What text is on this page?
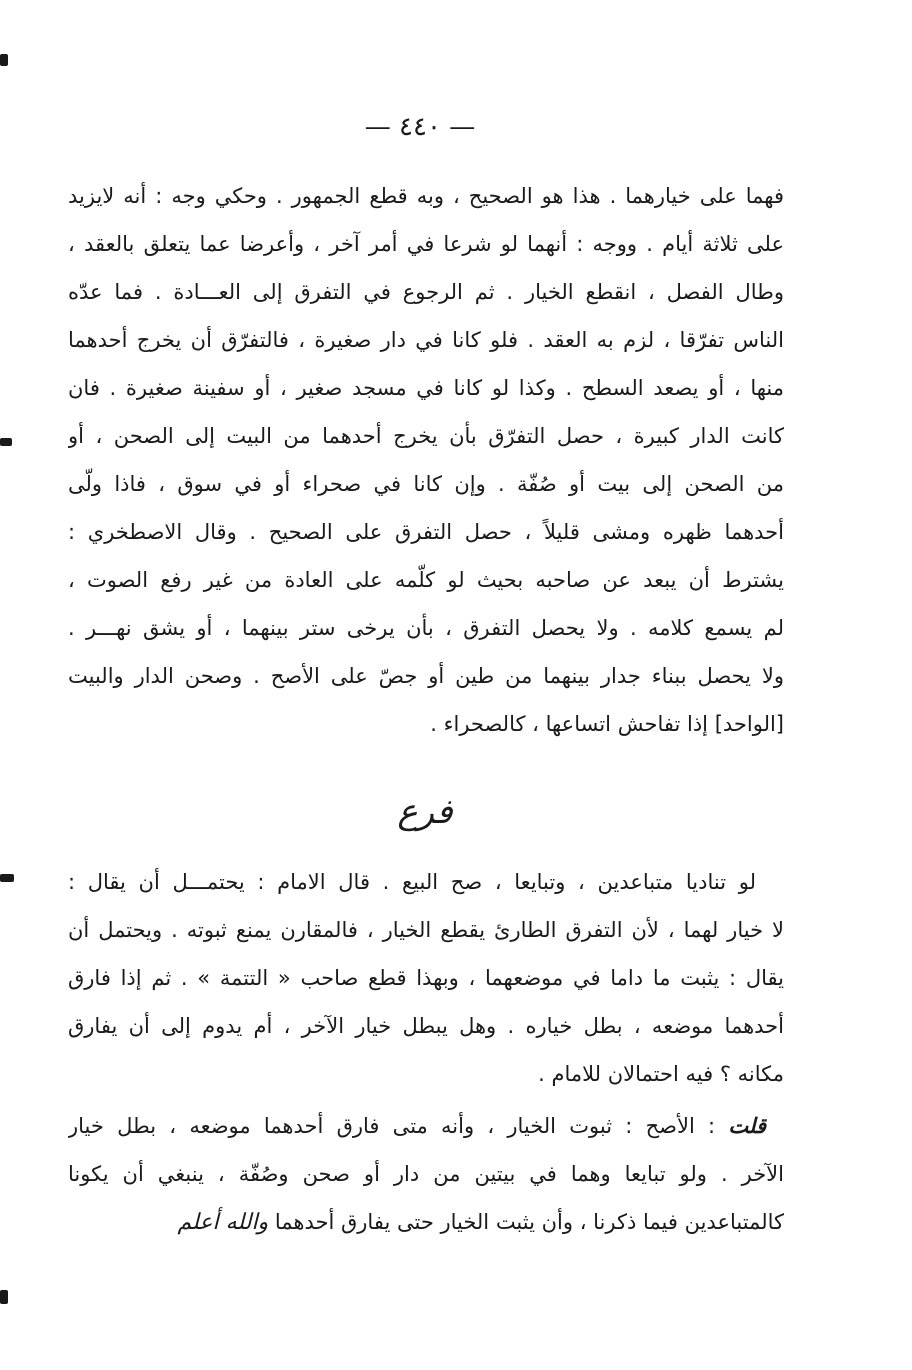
— ٤٤٠ —
فهما على خيارهما . هذا هو الصحيح ، وبه قطع الجمهور . وحكي وجه : أنه لايزيد
على ثلاثة أيام . ووجه : أنهما لو شرعا في أمر آخر ، وأعرضا عما يتعلق بالعقد ،
وطال الفصل ، انقطع الخيار . ثم الرجوع في التفرق إلى العـــادة . فما عدّه
الناس تفرّقا ، لزم به العقد . فلو كانا في دار صغيرة ، فالتفرّق أن يخرج أحدهما
منها ، أو يصعد السطح . وكذا لو كانا في مسجد صغير ، أو سفينة صغيرة . فان
كانت الدار كبيرة ، حصل التفرّق بأن يخرج أحدهما من البيت إلى الصحن ، أو
من الصحن إلى بيت أو صُفّة . وإن كانا في صحراء أو في سوق ، فاذا ولّى
أحدهما ظهره ومشى قليلاً ، حصل التفرق على الصحيح . وقال الاصطخري :
يشترط أن يبعد عن صاحبه بحيث لو كلّمه على العادة من غير رفع الصوت ،
لم يسمع كلامه . ولا يحصل التفرق ، بأن يرخى ستر بينهما ، أو يشق نهـــر .
ولا يحصل ببناء جدار بينهما من طين أو جصّ على الأصح . وصحن الدار والبيت
[الواحد] إذا تفاحش اتساعها ، كالصحراء .
فرع
لو تناديا متباعدين ، وتبايعا ، صح البيع . قال الامام : يحتمـــل أن يقال :
لا خيار لهما ، لأن التفرق الطارئ يقطع الخيار ، فالمقارن يمنع ثبوته . ويحتمل أن
يقال : يثبت ما داما في موضعهما ، وبهذا قطع صاحب « التتمة » . ثم إذا فارق
أحدهما موضعه ، بطل خياره . وهل يبطل خيار الآخر ، أم يدوم إلى أن يفارق
مكانه ؟ فيه احتمالان للامام .
قلت : الأصح : ثبوت الخيار ، وأنه متى فارق أحدهما موضعه ، بطل خيار
الآخر . ولو تبايعا وهما في بيتين من دار أو صحن وصُفّة ، ينبغي أن يكونا
كالمتباعدين فيما ذكرنا ، وأن يثبت الخيار حتى يفارق أحدهما والله أعلم
